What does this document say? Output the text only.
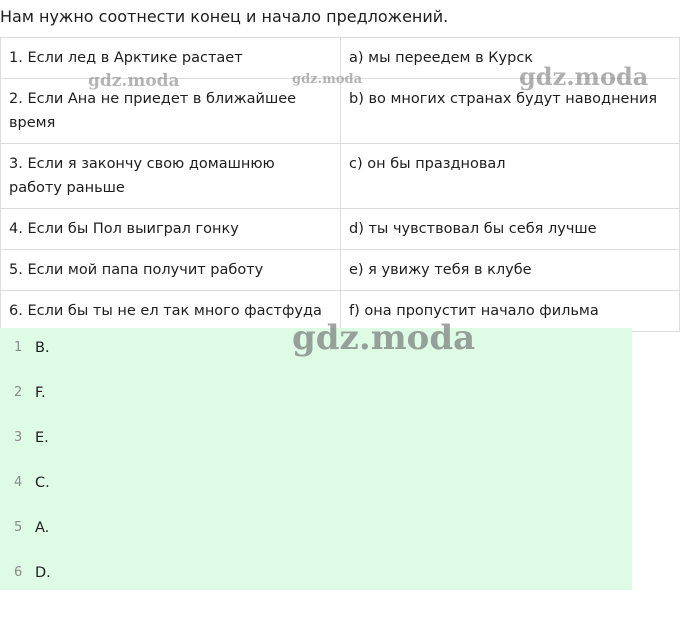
Нам нужно соотнести конец и начало предложений.
1. Если лед в Арктике растает	a) мы переедем в Курск
2. Если Ана не приедет в ближайшее время	b) во многих странах будут наводнения
3. Если я закончу свою домашнюю работу раньше	c) он бы праздновал
4. Если бы Пол выиграл гонку	d) ты чувствовал бы себя лучше
5. Если мой папа получит работу	e) я увижу тебя в клубе
6. Если бы ты не ел так много фастфуда	f) она пропустит начало фильма
1 B.
2 F.
3 E.
4 C.
5 A.
6 D.
gdz.moda	gdz.moda	gdz.moda
gdz.moda
